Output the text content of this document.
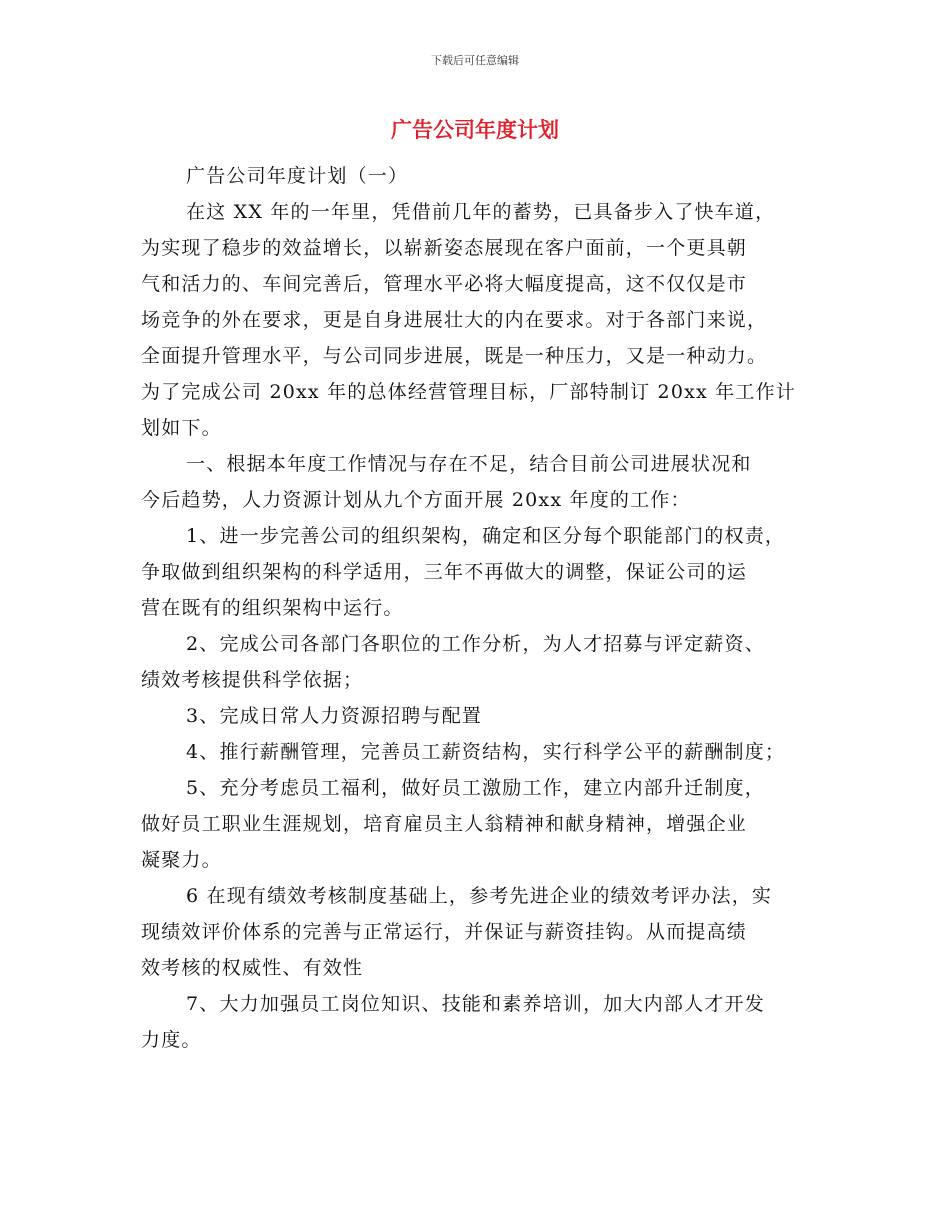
下载后可任意编辑
广告公司年度计划
广告公司年度计划（一）
在这 XX 年的一年里，凭借前几年的蓄势，已具备步入了快车道，
为实现了稳步的效益增长，以崭新姿态展现在客户面前，一个更具朝
气和活力的、车间完善后，管理水平必将大幅度提高，这不仅仅是市
场竞争的外在要求，更是自身进展壮大的内在要求。对于各部门来说，
全面提升管理水平，与公司同步进展，既是一种压力，又是一种动力。
为了完成公司 20xx 年的总体经营管理目标，厂部特制订 20xx 年工作计
划如下。
一、根据本年度工作情况与存在不足，结合目前公司进展状况和
今后趋势，人力资源计划从九个方面开展 20xx 年度的工作：
1、进一步完善公司的组织架构，确定和区分每个职能部门的权责，
争取做到组织架构的科学适用，三年不再做大的调整，保证公司的运
营在既有的组织架构中运行。
2、完成公司各部门各职位的工作分析，为人才招募与评定薪资、
绩效考核提供科学依据；
3、完成日常人力资源招聘与配置
4、推行薪酬管理，完善员工薪资结构，实行科学公平的薪酬制度；
5、充分考虑员工福利，做好员工激励工作，建立内部升迁制度，
做好员工职业生涯规划，培育雇员主人翁精神和献身精神，增强企业
凝聚力。
6 在现有绩效考核制度基础上，参考先进企业的绩效考评办法，实
现绩效评价体系的完善与正常运行，并保证与薪资挂钩。从而提高绩
效考核的权威性、有效性
7、大力加强员工岗位知识、技能和素养培训，加大内部人才开发
力度。
